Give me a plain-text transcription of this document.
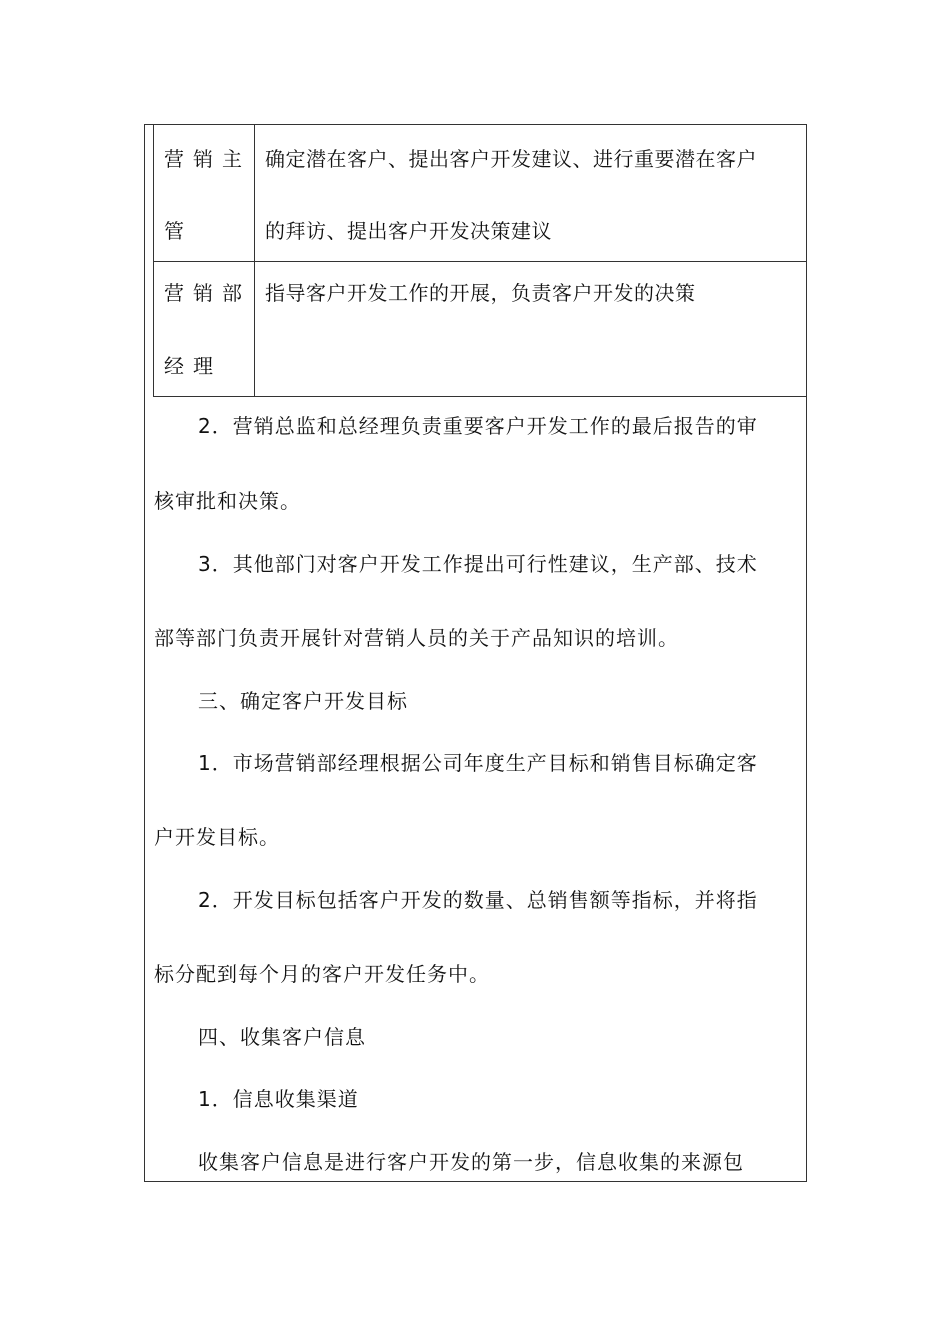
营销主
管	确定潜在客户、提出客户开发建议、进行重要潜在客户
的拜访、提出客户开发决策建议

营销部
经理	指导客户开发工作的开展，负责客户开发的决策
2．营销总监和总经理负责重要客户开发工作的最后报告的审
核审批和决策。
3．其他部门对客户开发工作提出可行性建议，生产部、技术
部等部门负责开展针对营销人员的关于产品知识的培训。
三、确定客户开发目标
1．市场营销部经理根据公司年度生产目标和销售目标确定客
户开发目标。
2．开发目标包括客户开发的数量、总销售额等指标，并将指
标分配到每个月的客户开发任务中。
四、收集客户信息
1．信息收集渠道
收集客户信息是进行客户开发的第一步，信息收集的来源包
